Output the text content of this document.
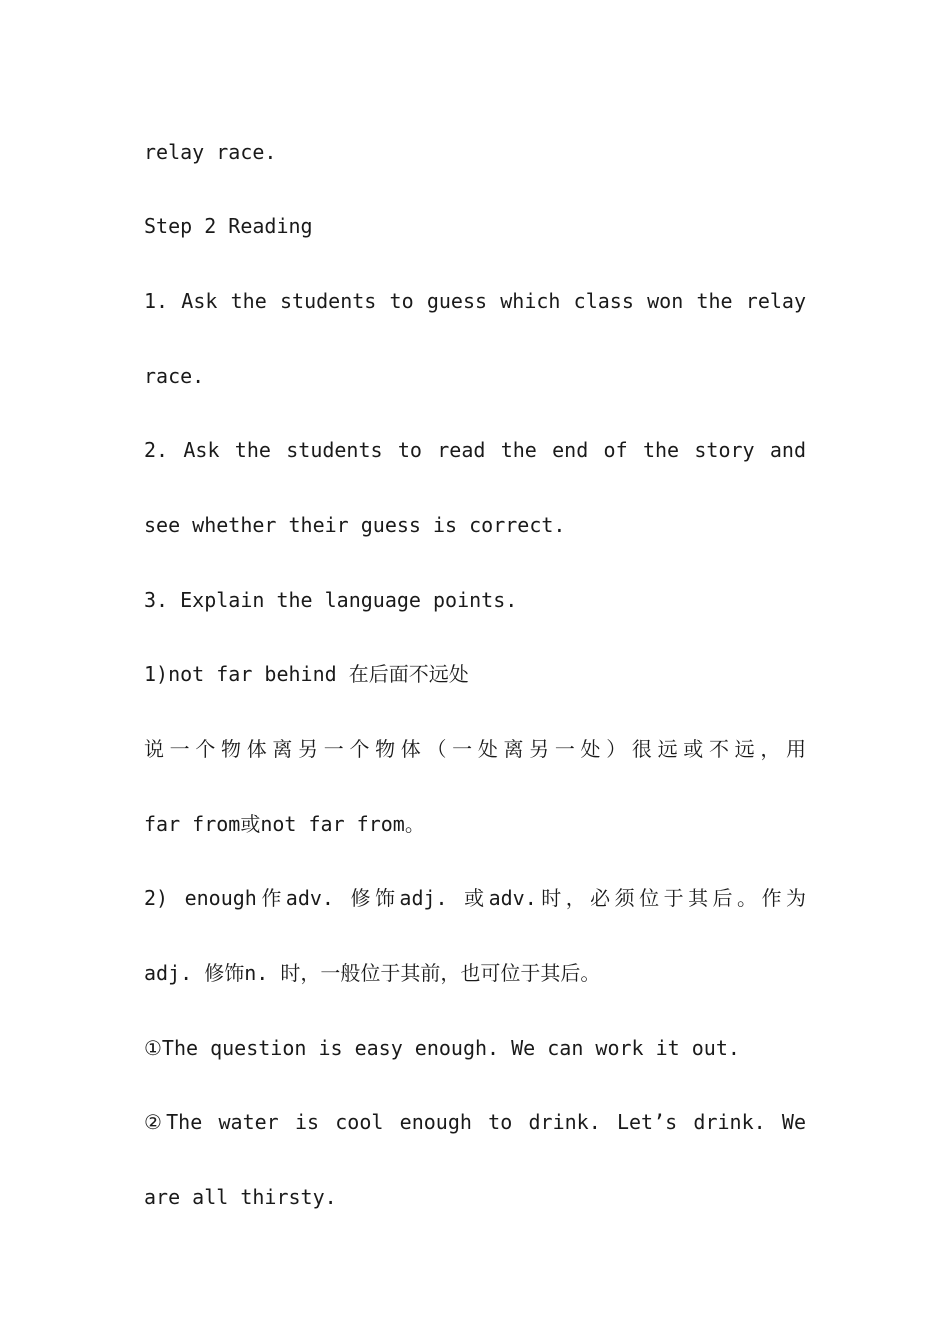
relay race.
Step 2 Reading
1. Ask the students to guess which class won the relay
race.
2. Ask the students to read the end of the story and
see whether their guess is correct.
3. Explain the language points.
1)not far behind 在后面不远处
说一个物体离另一个物体（一处离另一处）很远或不远，用
far from或not far from。
2) enough作adv. 修饰adj. 或adv.时，必须位于其后。作为
adj. 修饰n. 时，一般位于其前，也可位于其后。
①The question is easy enough. We can work it out.
②The water is cool enough to drink. Let’s drink. We
are all thirsty.
